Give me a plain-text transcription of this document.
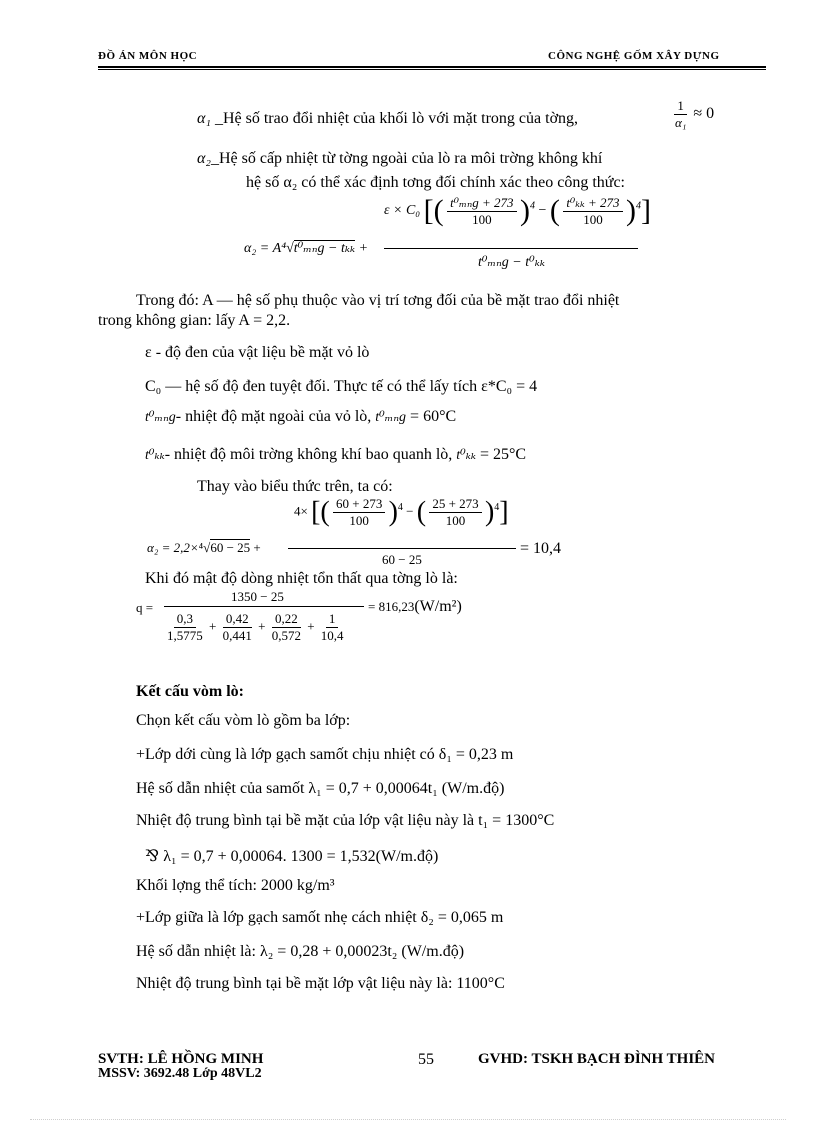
ĐỒ ÁN MÔN HỌC	CÔNG NGHỆ GỐM XÂY DỰNG
α₁ _Hệ số trao đổi nhiệt của khối lò với mặt trong của tờng,	$\frac{1}{\text{α₁}} \approx 0$
α₂_Hệ số cấp nhiệt từ tờng ngoài của lò ra môi trờng không khí
hệ số α₂ có thể xác định tơng đối chính xác theo công thức:
α₂ = A⁴√t⁰ₘₙg − tₖₖ +
ε × C₀ [( $\frac{\text{t⁰ₘₙg + 273}}{100} )^4$ − ( $\frac{\text{t⁰ₖₖ + 273}}{100} )^4$]
t⁰ₘₙg − t⁰ₖₖ
Trong đó: A — hệ số phụ thuộc vào vị trí tơng đối của bề mặt trao đổi nhiệt
trong không gian: lấy A = 2,2.
ε - độ đen của vật liệu bề mặt vỏ lò
C₀ — hệ số độ đen tuyệt đối. Thực tế có thể lấy tích ε*C₀ = 4
t⁰ₘₙg- nhiệt độ mặt ngoài của vỏ lò, t⁰ₘₙg = 60°C
t⁰ₖₖ- nhiệt độ môi trờng không khí bao quanh lò, t⁰ₖₖ = 25°C
Thay vào biểu thức trên, ta có:
α₂ = 2,2×⁴√60 − 25 +
4× [( $\frac{60 + 273}{100} )^4$ − ( $\frac{25 + 273}{100} )^4$]
60 − 25
= 10,4
Khi đó mật độ dòng nhiệt tổn thất qua tờng lò là:
q =
1350 − 25
$\frac{0,3}{1,5775} + \frac{0,42}{0,441} + \frac{0,22}{0,572} + \frac{1}{10,4}$
= 816,23(W/m²)
Kết cấu vòm lò:
Chọn kết cấu vòm lò gồm ba lớp:
+Lớp dới cùng là lớp gạch samốt chịu nhiệt có δ₁ = 0,23 m
Hệ số dẫn nhiệt của samốt λ₁ = 0,7 + 0,00064t₁ (W/m.độ)
Nhiệt độ trung bình tại bề mặt của lớp vật liệu này là t₁ = 1300°C
⅋ λ₁ = 0,7 + 0,00064. 1300 = 1,532(W/m.độ)
Khối lợng thể tích: 2000 kg/m³
+Lớp giữa là lớp gạch samốt nhẹ cách nhiệt δ₂ = 0,065 m
Hệ số dẫn nhiệt là: λ₂ = 0,28 + 0,00023t₂ (W/m.độ)
Nhiệt độ trung bình tại bề mặt lớp vật liệu này là: 1100°C
SVTH: LÊ HỒNG MINH
MSSV: 3692.48 Lớp 48VL2
55	GVHD: TSKH BẠCH ĐÌNH THIÊN
